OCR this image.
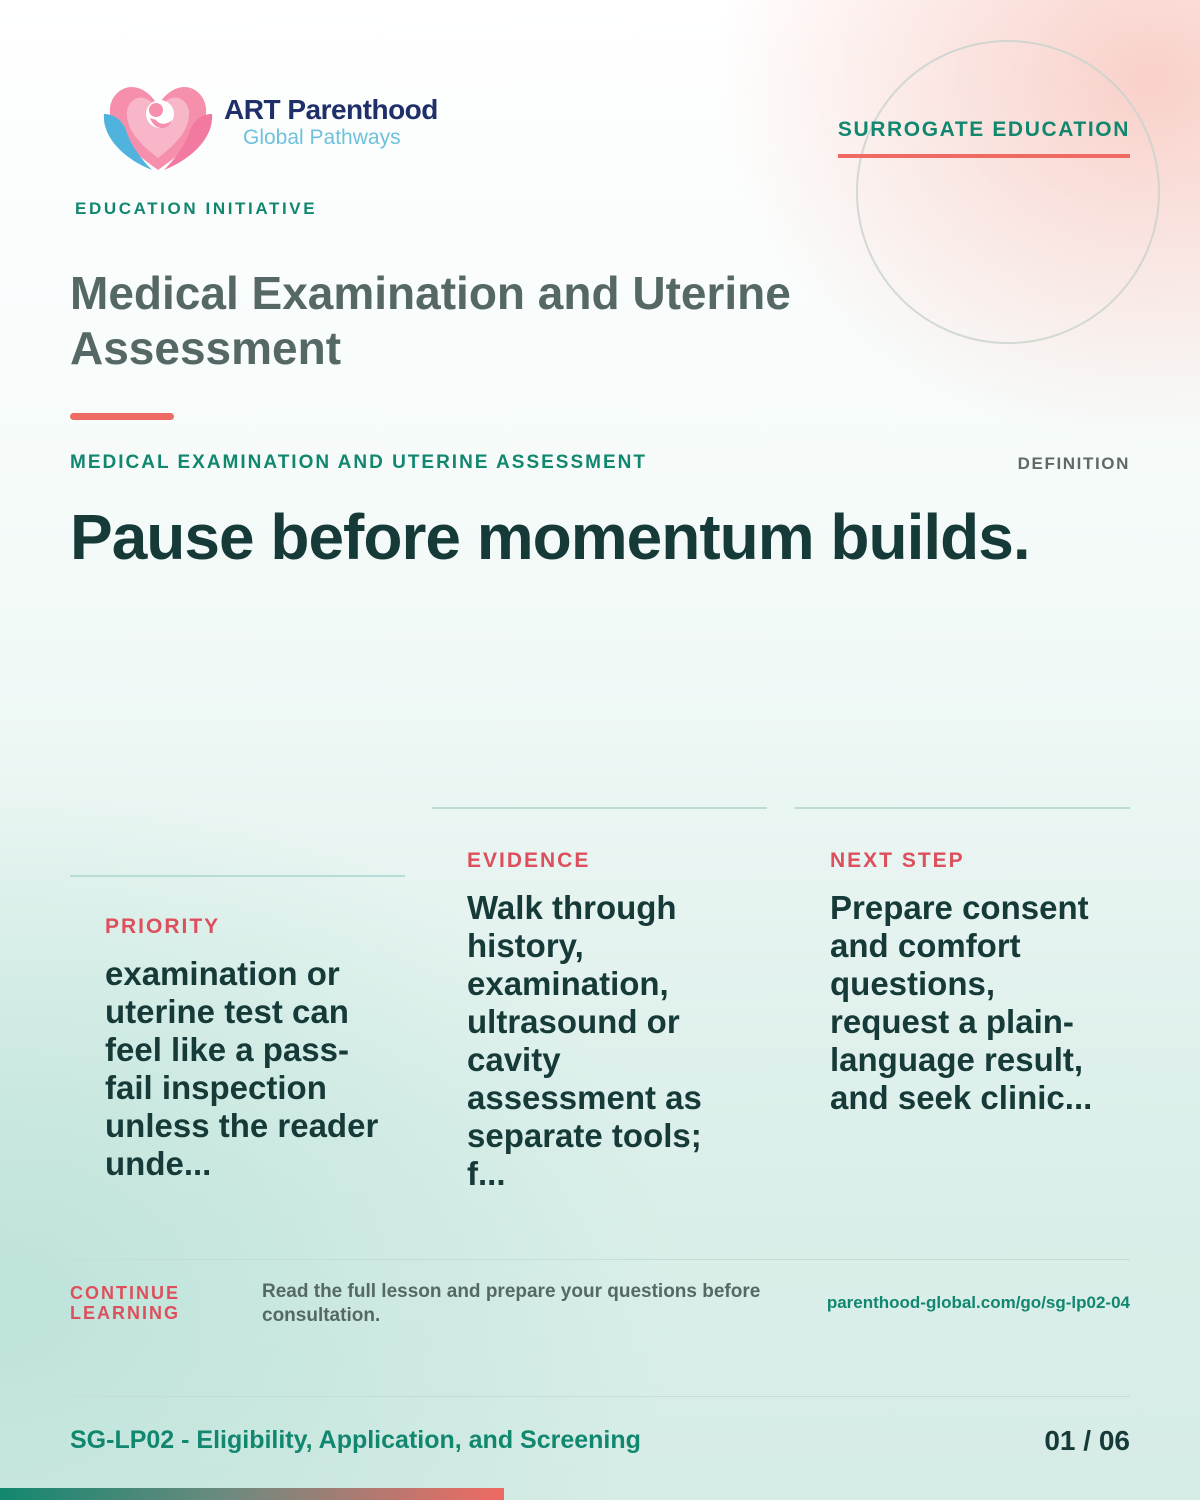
ART Parenthood
Global Pathways
EDUCATION INITIATIVE
SURROGATE EDUCATION
Medical Examination and Uterine Assessment
MEDICAL EXAMINATION AND UTERINE ASSESSMENT	DEFINITION
Pause before momentum builds.
PRIORITY
examination or uterine test can feel like a pass-fail inspection unless the reader unde...
EVIDENCE
Walk through history, examination, ultrasound or cavity assessment as separate tools; f...
NEXT STEP
Prepare consent and comfort questions, request a plain-language result, and seek clinic...
CONTINUE LEARNING
Read the full lesson and prepare your questions before consultation.
parenthood-global.com/go/sg-lp02-04
SG-LP02 - Eligibility, Application, and Screening	01 / 06
